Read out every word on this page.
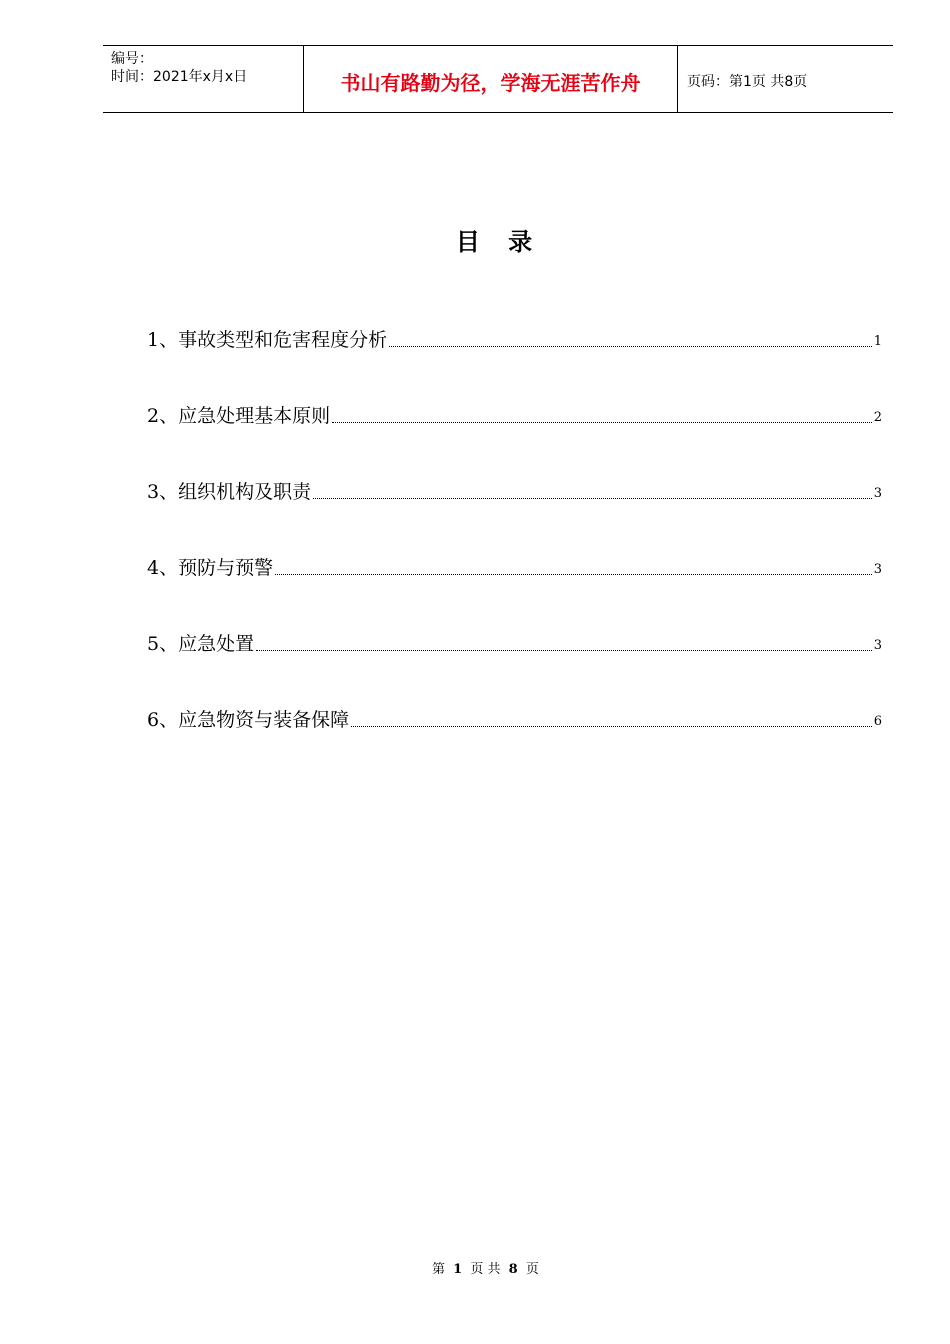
编号：
时间：2021年x月x日	书山有路勤为径，学海无涯苦作舟	页码：第1页 共8页
目 录
1、事故类型和危害程度分析	1
2、应急处理基本原则	2
3、组织机构及职责	3
4、预防与预警	3
5、应急处置	3
6、应急物资与装备保障	6
第 1 页 共 8 页
